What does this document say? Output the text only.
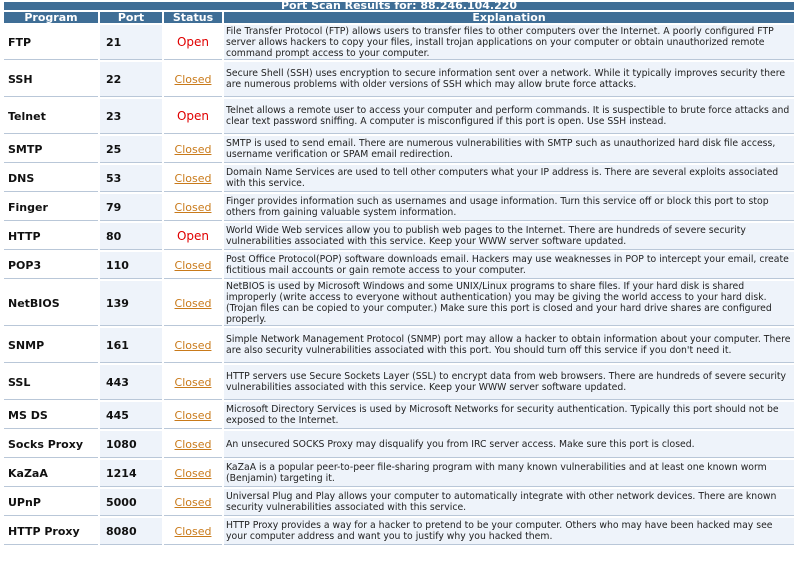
Port Scan Results for: 88.246.104.220			
Program	Port	Status	Explanation
FTP	21	Open	File Transfer Protocol (FTP) allows users to transfer files to other computers over the Internet. A poorly configured FTP server allows hackers to copy your files, install trojan applications on your computer or obtain unauthorized remote command prompt access to your computer.
SSH	22	Closed	Secure Shell (SSH) uses encryption to secure information sent over a network. While it typically improves security there are numerous problems with older versions of SSH which may allow brute force attacks.
Telnet	23	Open	Telnet allows a remote user to access your computer and perform commands. It is suspectible to brute force attacks and clear text password sniffing. A computer is misconfigured if this port is open. Use SSH instead.
SMTP	25	Closed	SMTP is used to send email. There are numerous vulnerabilities with SMTP such as unauthorized hard disk file access, username verification or SPAM email redirection.
DNS	53	Closed	Domain Name Services are used to tell other computers what your IP address is. There are several exploits associated with this service.
Finger	79	Closed	Finger provides information such as usernames and usage information. Turn this service off or block this port to stop others from gaining valuable system information.
HTTP	80	Open	World Wide Web services allow you to publish web pages to the Internet. There are hundreds of severe security vulnerabilities associated with this service. Keep your WWW server software updated.
POP3	110	Closed	Post Office Protocol(POP) software downloads email. Hackers may use weaknesses in POP to intercept your email, create fictitious mail accounts or gain remote access to your computer.
NetBIOS	139	Closed	NetBIOS is used by Microsoft Windows and some UNIX/Linux programs to share files. If your hard disk is shared improperly (write access to everyone without authentication) you may be giving the world access to your hard disk. (Trojan files can be copied to your computer.) Make sure this port is closed and your hard drive shares are configured properly.
SNMP	161	Closed	Simple Network Management Protocol (SNMP) port may allow a hacker to obtain information about your computer. There are also security vulnerabilities associated with this port. You should turn off this service if you don't need it.
SSL	443	Closed	HTTP servers use Secure Sockets Layer (SSL) to encrypt data from web browsers. There are hundreds of severe security vulnerabilities associated with this service. Keep your WWW server software updated.
MS DS	445	Closed	Microsoft Directory Services is used by Microsoft Networks for security authentication. Typically this port should not be exposed to the Internet.
Socks Proxy	1080	Closed	An unsecured SOCKS Proxy may disqualify you from IRC server access. Make sure this port is closed.
KaZaA	1214	Closed	KaZaA is a popular peer-to-peer file-sharing program with many known vulnerabilities and at least one known worm (Benjamin) targeting it.
UPnP	5000	Closed	Universal Plug and Play allows your computer to automatically integrate with other network devices. There are known security vulnerabilities associated with this service.
HTTP Proxy	8080	Closed	HTTP Proxy provides a way for a hacker to pretend to be your computer. Others who may have been hacked may see your computer address and want you to justify why you hacked them.
